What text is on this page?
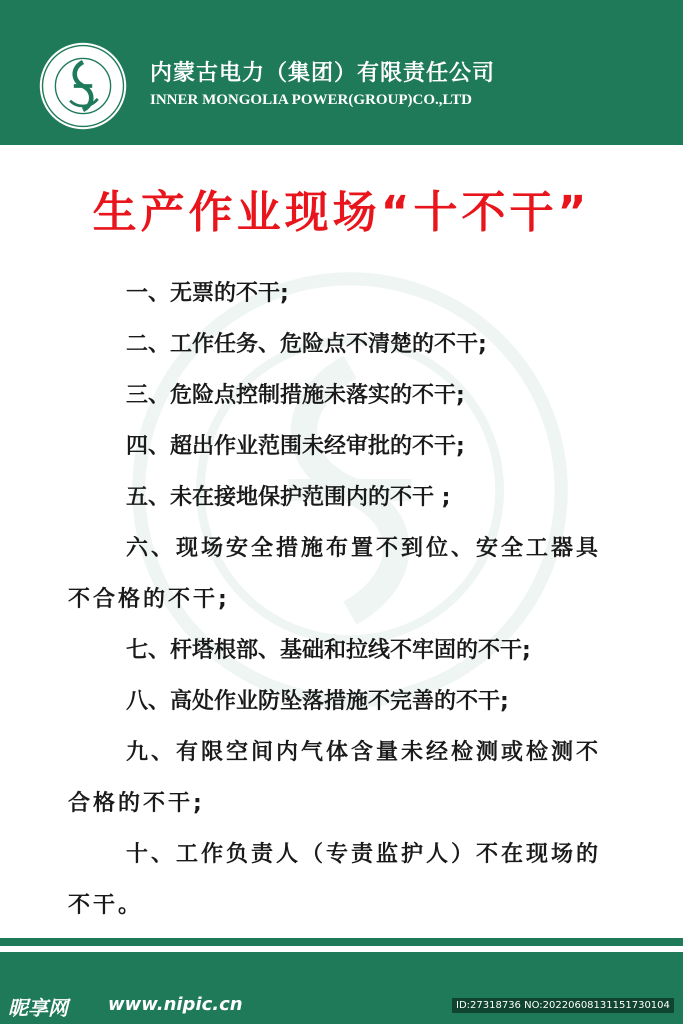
内蒙古电力（集团）有限责任公司
INNER MONGOLIA POWER(GROUP)CO.,LTD
生产作业现场“十不干”
一、无票的不干;
二、工作任务、危险点不清楚的不干;
三、危险点控制措施未落实的不干;
四、超出作业范围未经审批的不干;
五、未在接地保护范围内的不干 ;
六、现场安全措施布置不到位、安全工器具不合格的不干;
七、杆塔根部、基础和拉线不牢固的不干;
八、高处作业防坠落措施不完善的不干;
九、有限空间内气体含量未经检测或检测不合格的不干;
十、工作负责人（专责监护人）不在现场的不干。
昵享网 www.nipic.cn	ID:27318736 NO:20220608131151730104
